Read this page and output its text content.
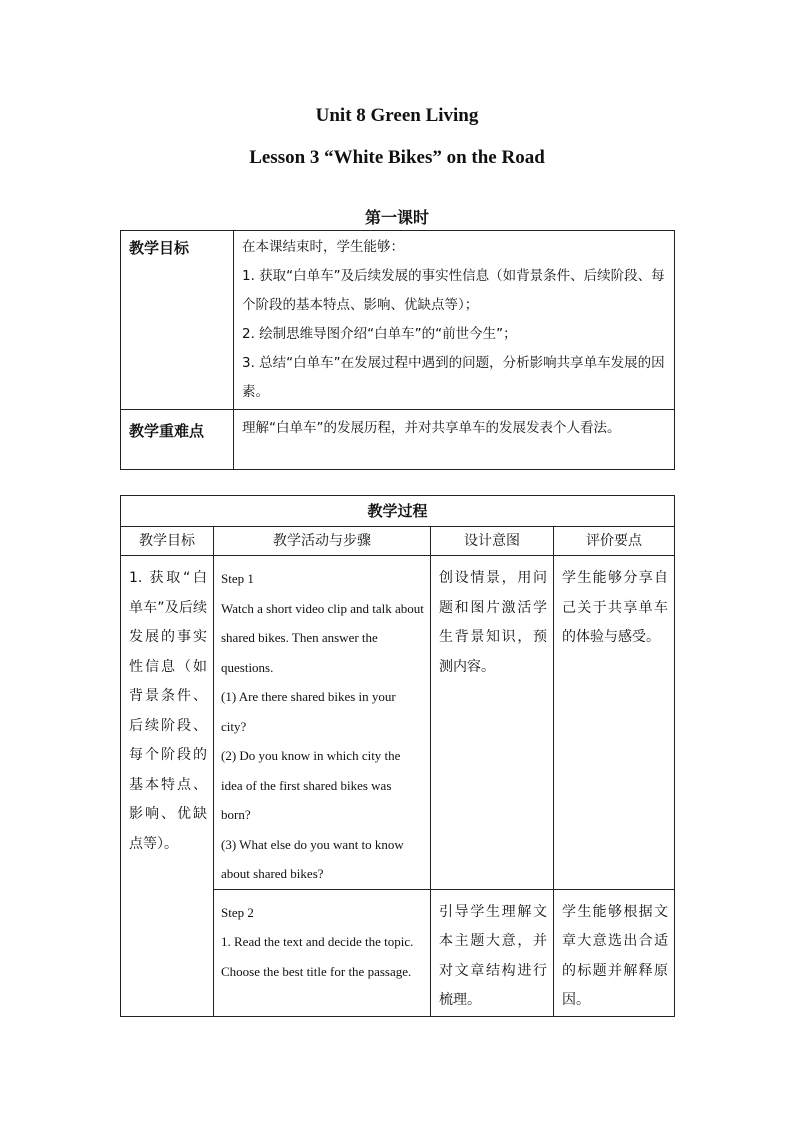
Unit 8 Green Living
Lesson 3 “White Bikes” on the Road
第一课时
教学目标	在本课结束时，学生能够：
1. 获取“白单车”及后续发展的事实性信息（如背景条件、后续阶段、每个阶段的基本特点、影响、优缺点等）；
2. 绘制思维导图介绍“白单车”的“前世今生”；
3. 总结“白单车”在发展过程中遇到的问题，分析影响共享单车发展的因素。

教学重难点	理解“白单车”的发展历程，并对共享单车的发展发表个人看法。
教学过程			
教学目标	教学活动与步骤	设计意图	评价要点
1. 获取“白单车”及后续发展的事实性信息（如背景条件、后续阶段、每个阶段的基本特点、影响、优缺点等）。	Step 1
Watch a short video clip and talk about shared bikes. Then answer the questions.
(1) Are there shared bikes in your city?
(2) Do you know in which city the idea of the first shared bikes was born?
(3) What else do you want to know about shared bikes?	创设情景，用问题和图片激活学生背景知识，预测内容。	学生能够分享自己关于共享单车的体验与感受。

	Step 2
1. Read the text and decide the topic. Choose the best title for the passage.	引导学生理解文本主题大意，并对文章结构进行梳理。	学生能够根据文章大意选出合适的标题并解释原因。
